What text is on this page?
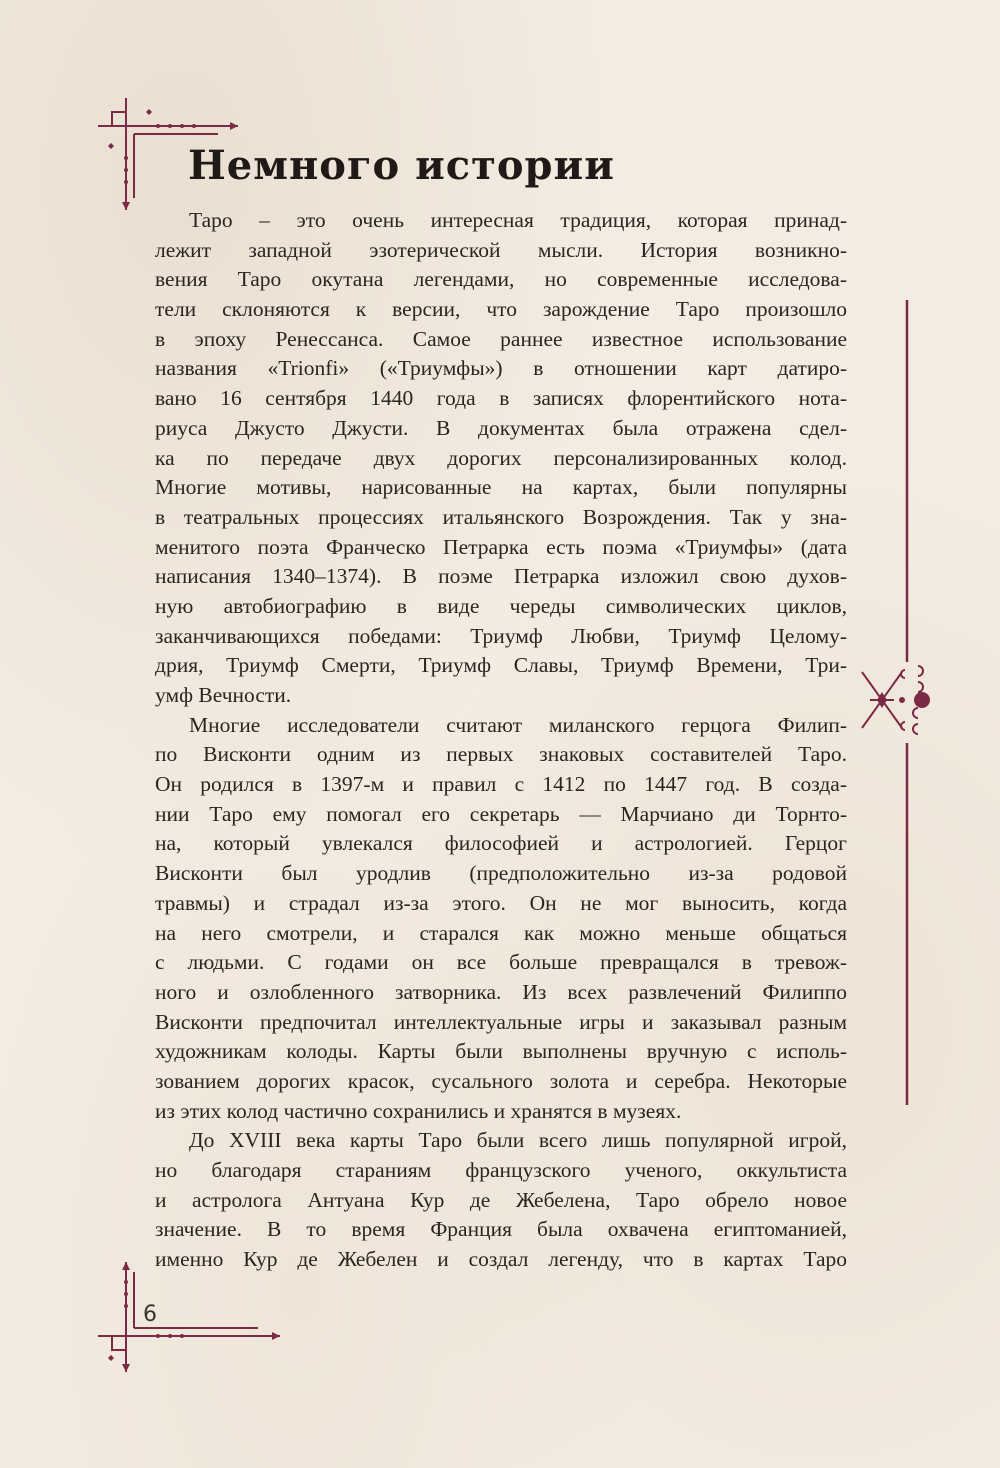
Немного истории
Таро – это очень интересная традиция, которая принад-
лежит западной эзотерической мысли. История возникно-
вения Таро окутана легендами, но современные исследова-
тели склоняются к версии, что зарождение Таро произошло
в эпоху Ренессанса. Самое раннее известное использование
названия «Trionfi» («Триумфы») в отношении карт датиро-
вано 16 сентября 1440 года в записях флорентийского нота-
риуса Джусто Джусти. В документах была отражена сдел-
ка по передаче двух дорогих персонализированных колод.
Многие мотивы, нарисованные на картах, были популярны
в театральных процессиях итальянского Возрождения. Так у зна-
менитого поэта Франческо Петрарка есть поэма «Триумфы» (дата
написания 1340–1374). В поэме Петрарка изложил свою духов-
ную автобиографию в виде череды символических циклов,
заканчивающихся победами: Триумф Любви, Триумф Целому-
дрия, Триумф Смерти, Триумф Славы, Триумф Времени, Три-
умф Вечности.
Многие исследователи считают миланского герцога Филип-
по Висконти одним из первых знаковых составителей Таро.
Он родился в 1397-м и правил с 1412 по 1447 год. В созда-
нии Таро ему помогал его секретарь — Марчиано ди Торнто-
на, который увлекался философией и астрологией. Герцог
Висконти был уродлив (предположительно из-за родовой
травмы) и страдал из-за этого. Он не мог выносить, когда
на него смотрели, и старался как можно меньше общаться
с людьми. С годами он все больше превращался в тревож-
ного и озлобленного затворника. Из всех развлечений Филиппо
Висконти предпочитал интеллектуальные игры и заказывал разным
художникам колоды. Карты были выполнены вручную с исполь-
зованием дорогих красок, сусального золота и серебра. Некоторые
из этих колод частично сохранились и хранятся в музеях.
До XVIII века карты Таро были всего лишь популярной игрой,
но благодаря стараниям французского ученого, оккультиста
и астролога Антуана Кур де Жебелена, Таро обрело новое
значение. В то время Франция была охвачена египтоманией,
именно Кур де Жебелен и создал легенду, что в картах Таро
6
